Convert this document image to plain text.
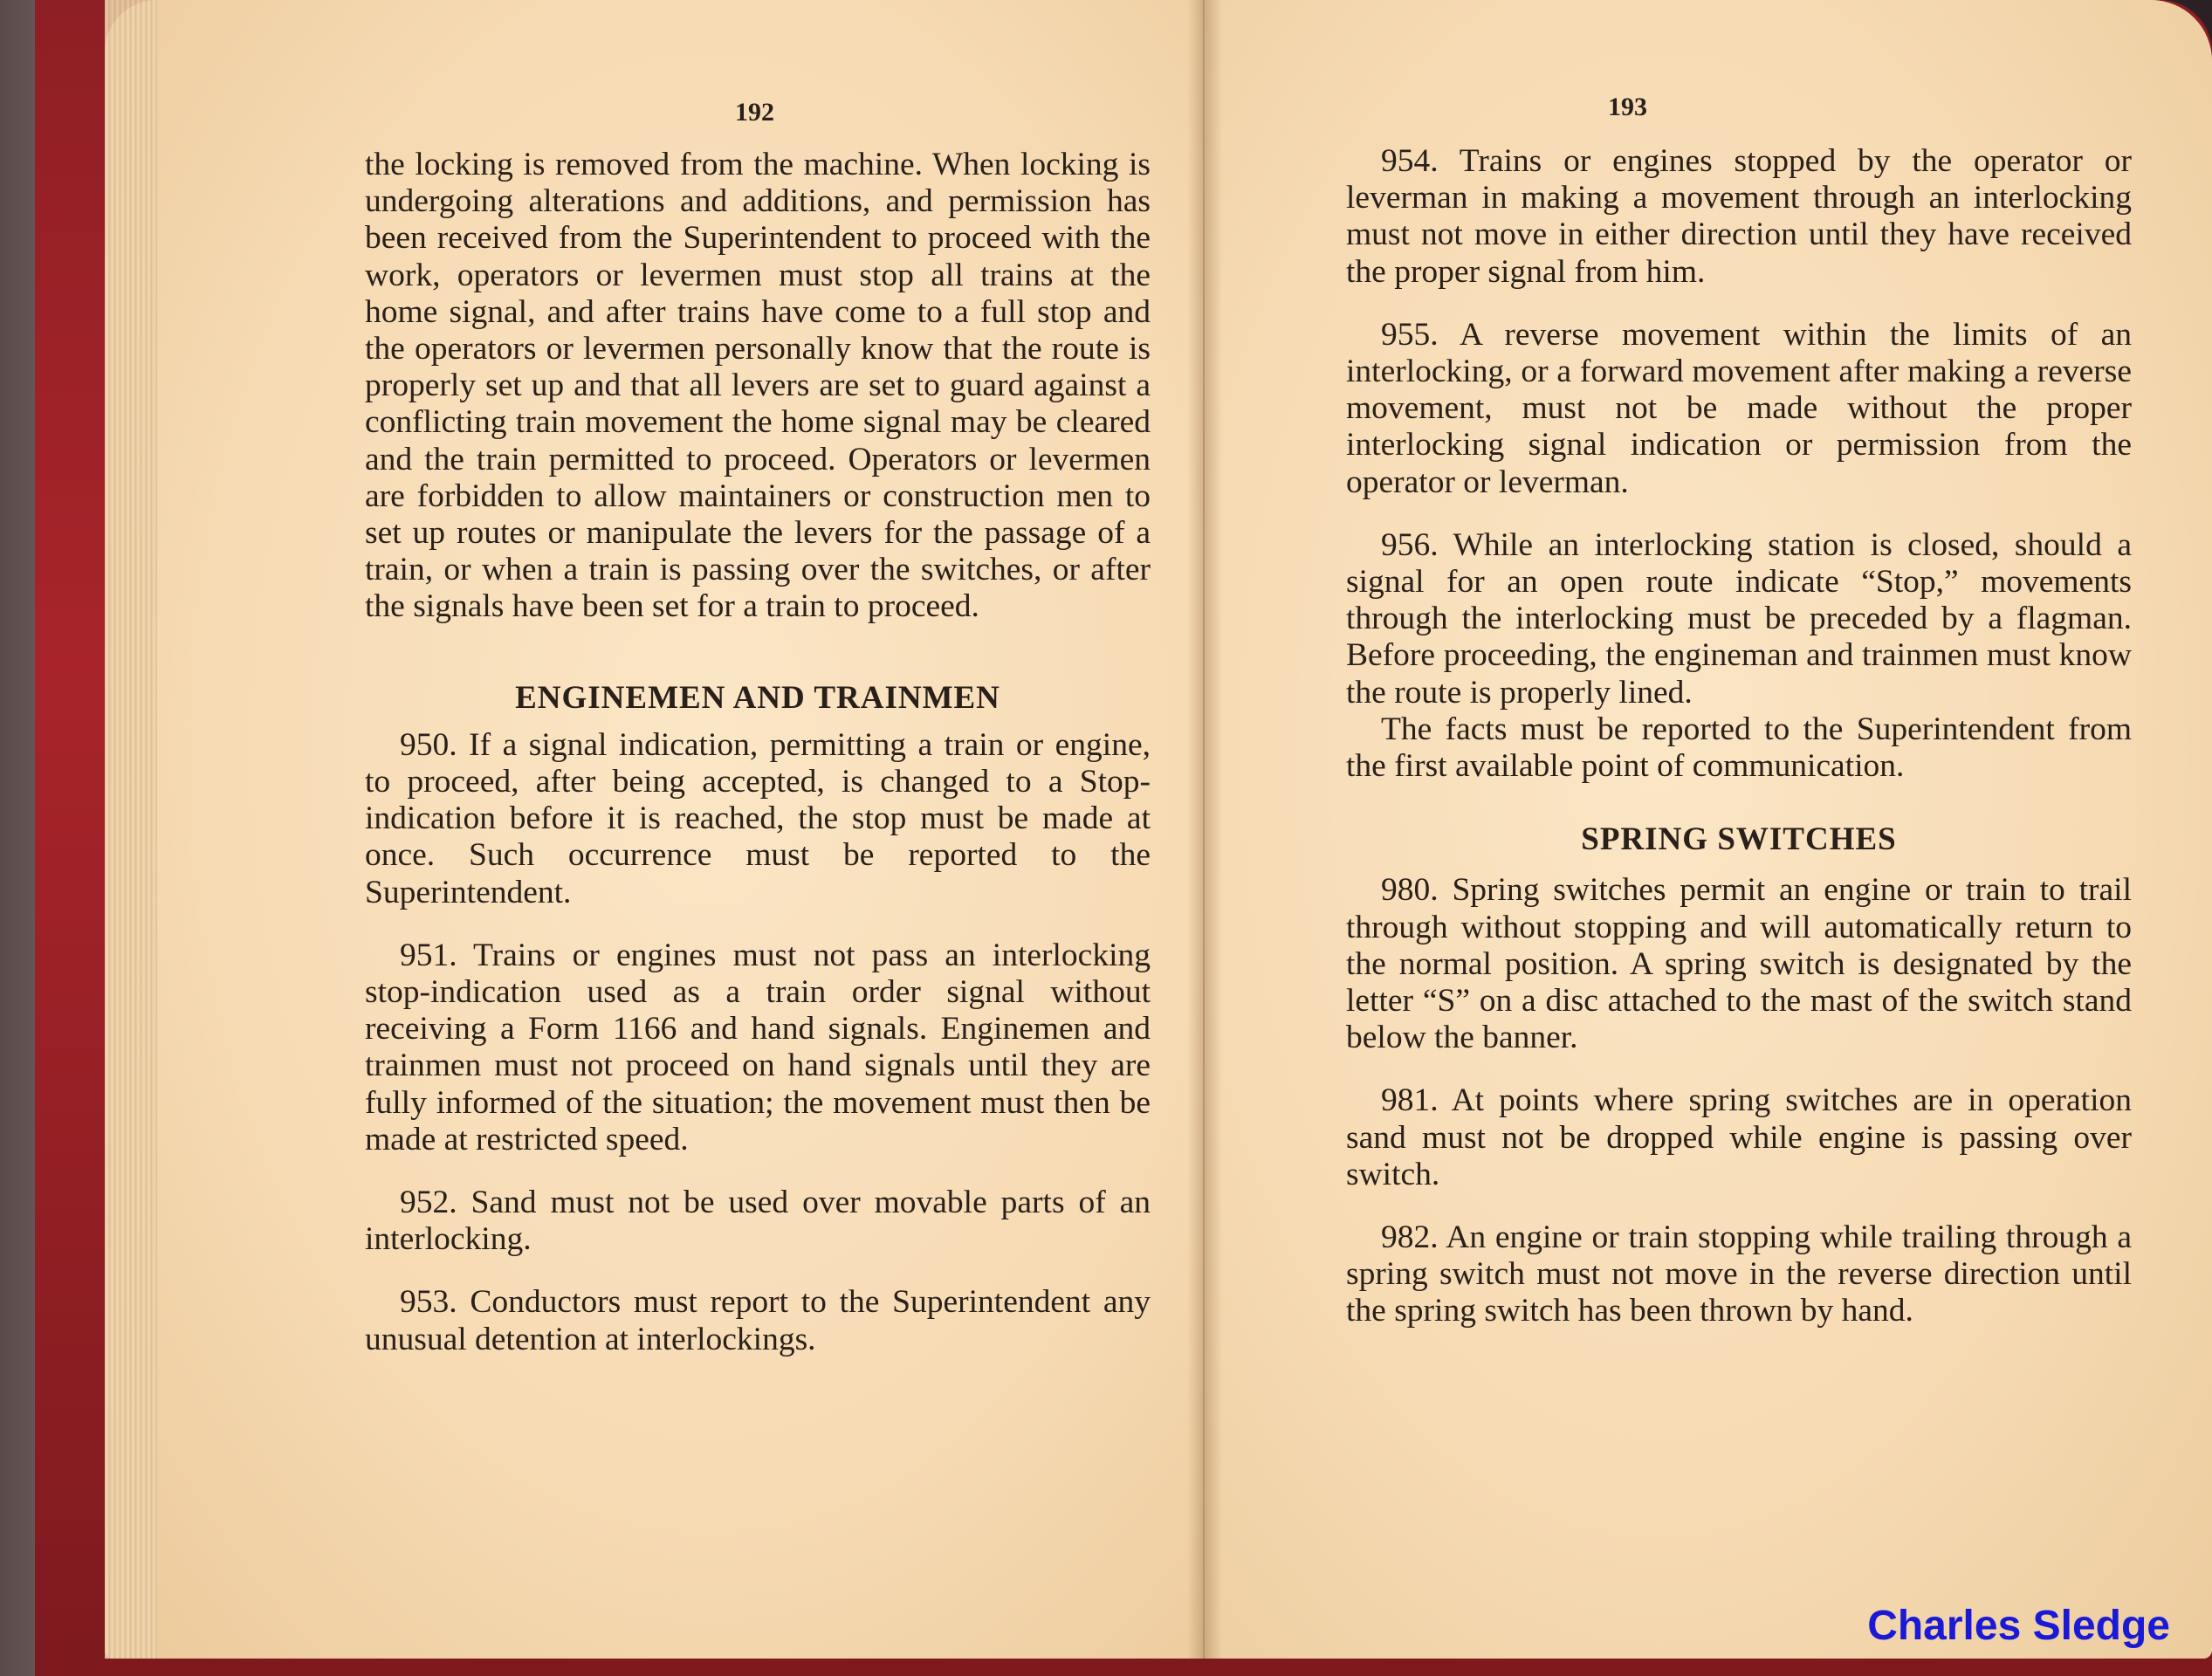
192

the locking is removed from the machine. When locking is undergoing alterations and additions, and permission has been received from the Superintendent to proceed with the work, operators or levermen must stop all trains at the home signal, and after trains have come to a full stop and the operators or levermen personally know that the route is properly set up and that all levers are set to guard against a conflicting train movement the home signal may be cleared and the train permitted to proceed. Operators or levermen are forbidden to allow maintainers or construction men to set up routes or manipulate the levers for the passage of a train, or when a train is passing over the switches, or after the signals have been set for a train to proceed.

ENGINEMEN AND TRAINMEN

950. If a signal indication, permitting a train or engine, to proceed, after being accepted, is changed to a Stop-indication before it is reached, the stop must be made at once. Such occurrence must be reported to the Superintendent.

951. Trains or engines must not pass an interlocking stop-indication used as a train order signal without receiving a Form 1166 and hand signals. Enginemen and trainmen must not proceed on hand signals until they are fully informed of the situation; the movement must then be made at restricted speed.

952. Sand must not be used over movable parts of an interlocking.

953. Conductors must report to the Superintendent any unusual detention at interlockings.

193

954. Trains or engines stopped by the operator or leverman in making a movement through an interlocking must not move in either direction until they have received the proper signal from him.

955. A reverse movement within the limits of an interlocking, or a forward movement after making a reverse movement, must not be made without the proper interlocking signal indication or permission from the operator or leverman.

956. While an interlocking station is closed, should a signal for an open route indicate “Stop,” movements through the interlocking must be preceded by a flagman. Before proceeding, the engineman and trainmen must know the route is properly lined.

The facts must be reported to the Superintendent from the first available point of communication.

SPRING SWITCHES

980. Spring switches permit an engine or train to trail through without stopping and will automatically return to the normal position. A spring switch is designated by the letter “S” on a disc attached to the mast of the switch stand below the banner.

981. At points where spring switches are in operation sand must not be dropped while engine is passing over switch.

982. An engine or train stopping while trailing through a spring switch must not move in the reverse direction until the spring switch has been thrown by hand.

Charles Sledge
